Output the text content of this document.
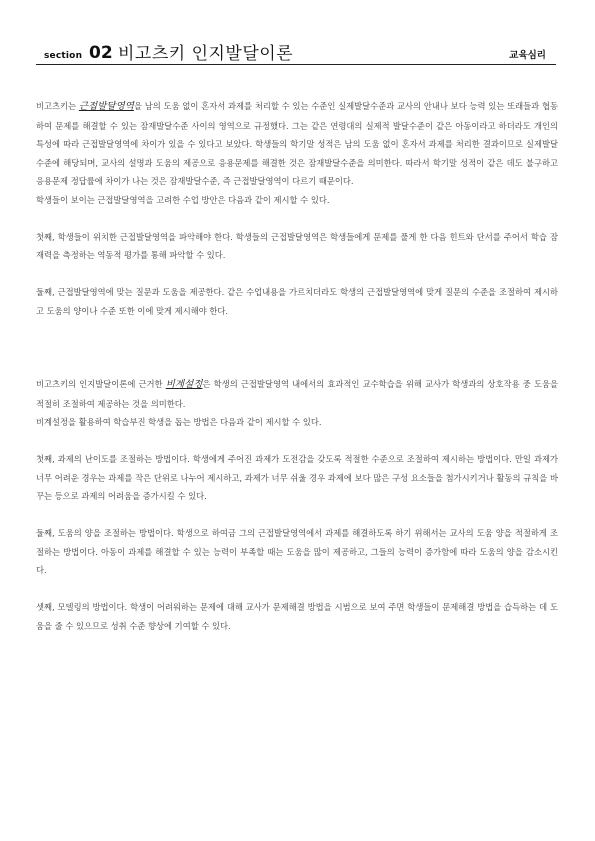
section 02 비고츠키 인지발달이론	교육심리

비고츠키는 근접발달영역을 남의 도움 없이 혼자서 과제를 처리할 수 있는 수준인 실제발달수준과 교사의 안내나 보다 능력 있는 또래들과 협동하여 문제를 해결할 수 있는 잠재발달수준 사이의 영역으로 규정했다. 그는 같은 연령대의 실제적 발달수준이 같은 아동이라고 하더라도 개인의 특성에 따라 근접발달영역에 차이가 있을 수 있다고 보았다. 학생들의 학기말 성적은 남의 도움 없이 혼자서 과제를 처리한 결과이므로 실제발달수준에 해당되며, 교사의 설명과 도움의 제공으로 응용문제를 해결한 것은 잠재발달수준을 의미한다. 따라서 학기말 성적이 같은 데도 불구하고 응용문제 정답률에 차이가 나는 것은 잠재발달수준, 즉 근접발달영역이 다르기 때문이다.

학생들이 보이는 근접발달영역을 고려한 수업 방안은 다음과 같이 제시할 수 있다.

첫째, 학생들이 위치한 근접발달영역을 파악해야 한다. 학생들의 근접발달영역은 학생들에게 문제를 풀게 한 다음 힌트와 단서를 주어서 학습 잠재력을 측정하는 역동적 평가를 통해 파악할 수 있다.

둘째, 근접발달영역에 맞는 질문과 도움을 제공한다. 같은 수업내용을 가르치더라도 학생의 근접발달영역에 맞게 질문의 수준을 조절하여 제시하고 도움의 양이나 수준 또한 이에 맞게 제시해야 한다.

비고츠키의 인지발달이론에 근거한 비계설정은 학생의 근접발달영역 내에서의 효과적인 교수학습을 위해 교사가 학생과의 상호작용 중 도움을 적절히 조절하여 제공하는 것을 의미한다.

비계설정을 활용하여 학습부진 학생을 돕는 방법은 다음과 같이 제시할 수 있다.

첫째, 과제의 난이도를 조절하는 방법이다. 학생에게 주어진 과제가 도전감을 갖도록 적절한 수준으로 조절하여 제시하는 방법이다. 만일 과제가 너무 어려운 경우는 과제를 작은 단위로 나누어 제시하고, 과제가 너무 쉬울 경우 과제에 보다 많은 구성 요소들을 첨가시키거나 활동의 규칙을 바꾸는 등으로 과제의 어려움을 증가시킬 수 있다.

둘째, 도움의 양을 조절하는 방법이다. 학생으로 하여금 그의 근접발달영역에서 과제를 해결하도록 하기 위해서는 교사의 도움 양을 적절하게 조절하는 방법이다. 아동이 과제를 해결할 수 있는 능력이 부족할 때는 도움을 많이 제공하고, 그들의 능력이 증가함에 따라 도움의 양을 감소시킨다.

셋째, 모델링의 방법이다. 학생이 어려워하는 문제에 대해 교사가 문제해결 방법을 시범으로 보여 주면 학생들이 문제해결 방법을 습득하는 데 도움을 줄 수 있으므로 성취 수준 향상에 기여할 수 있다.
